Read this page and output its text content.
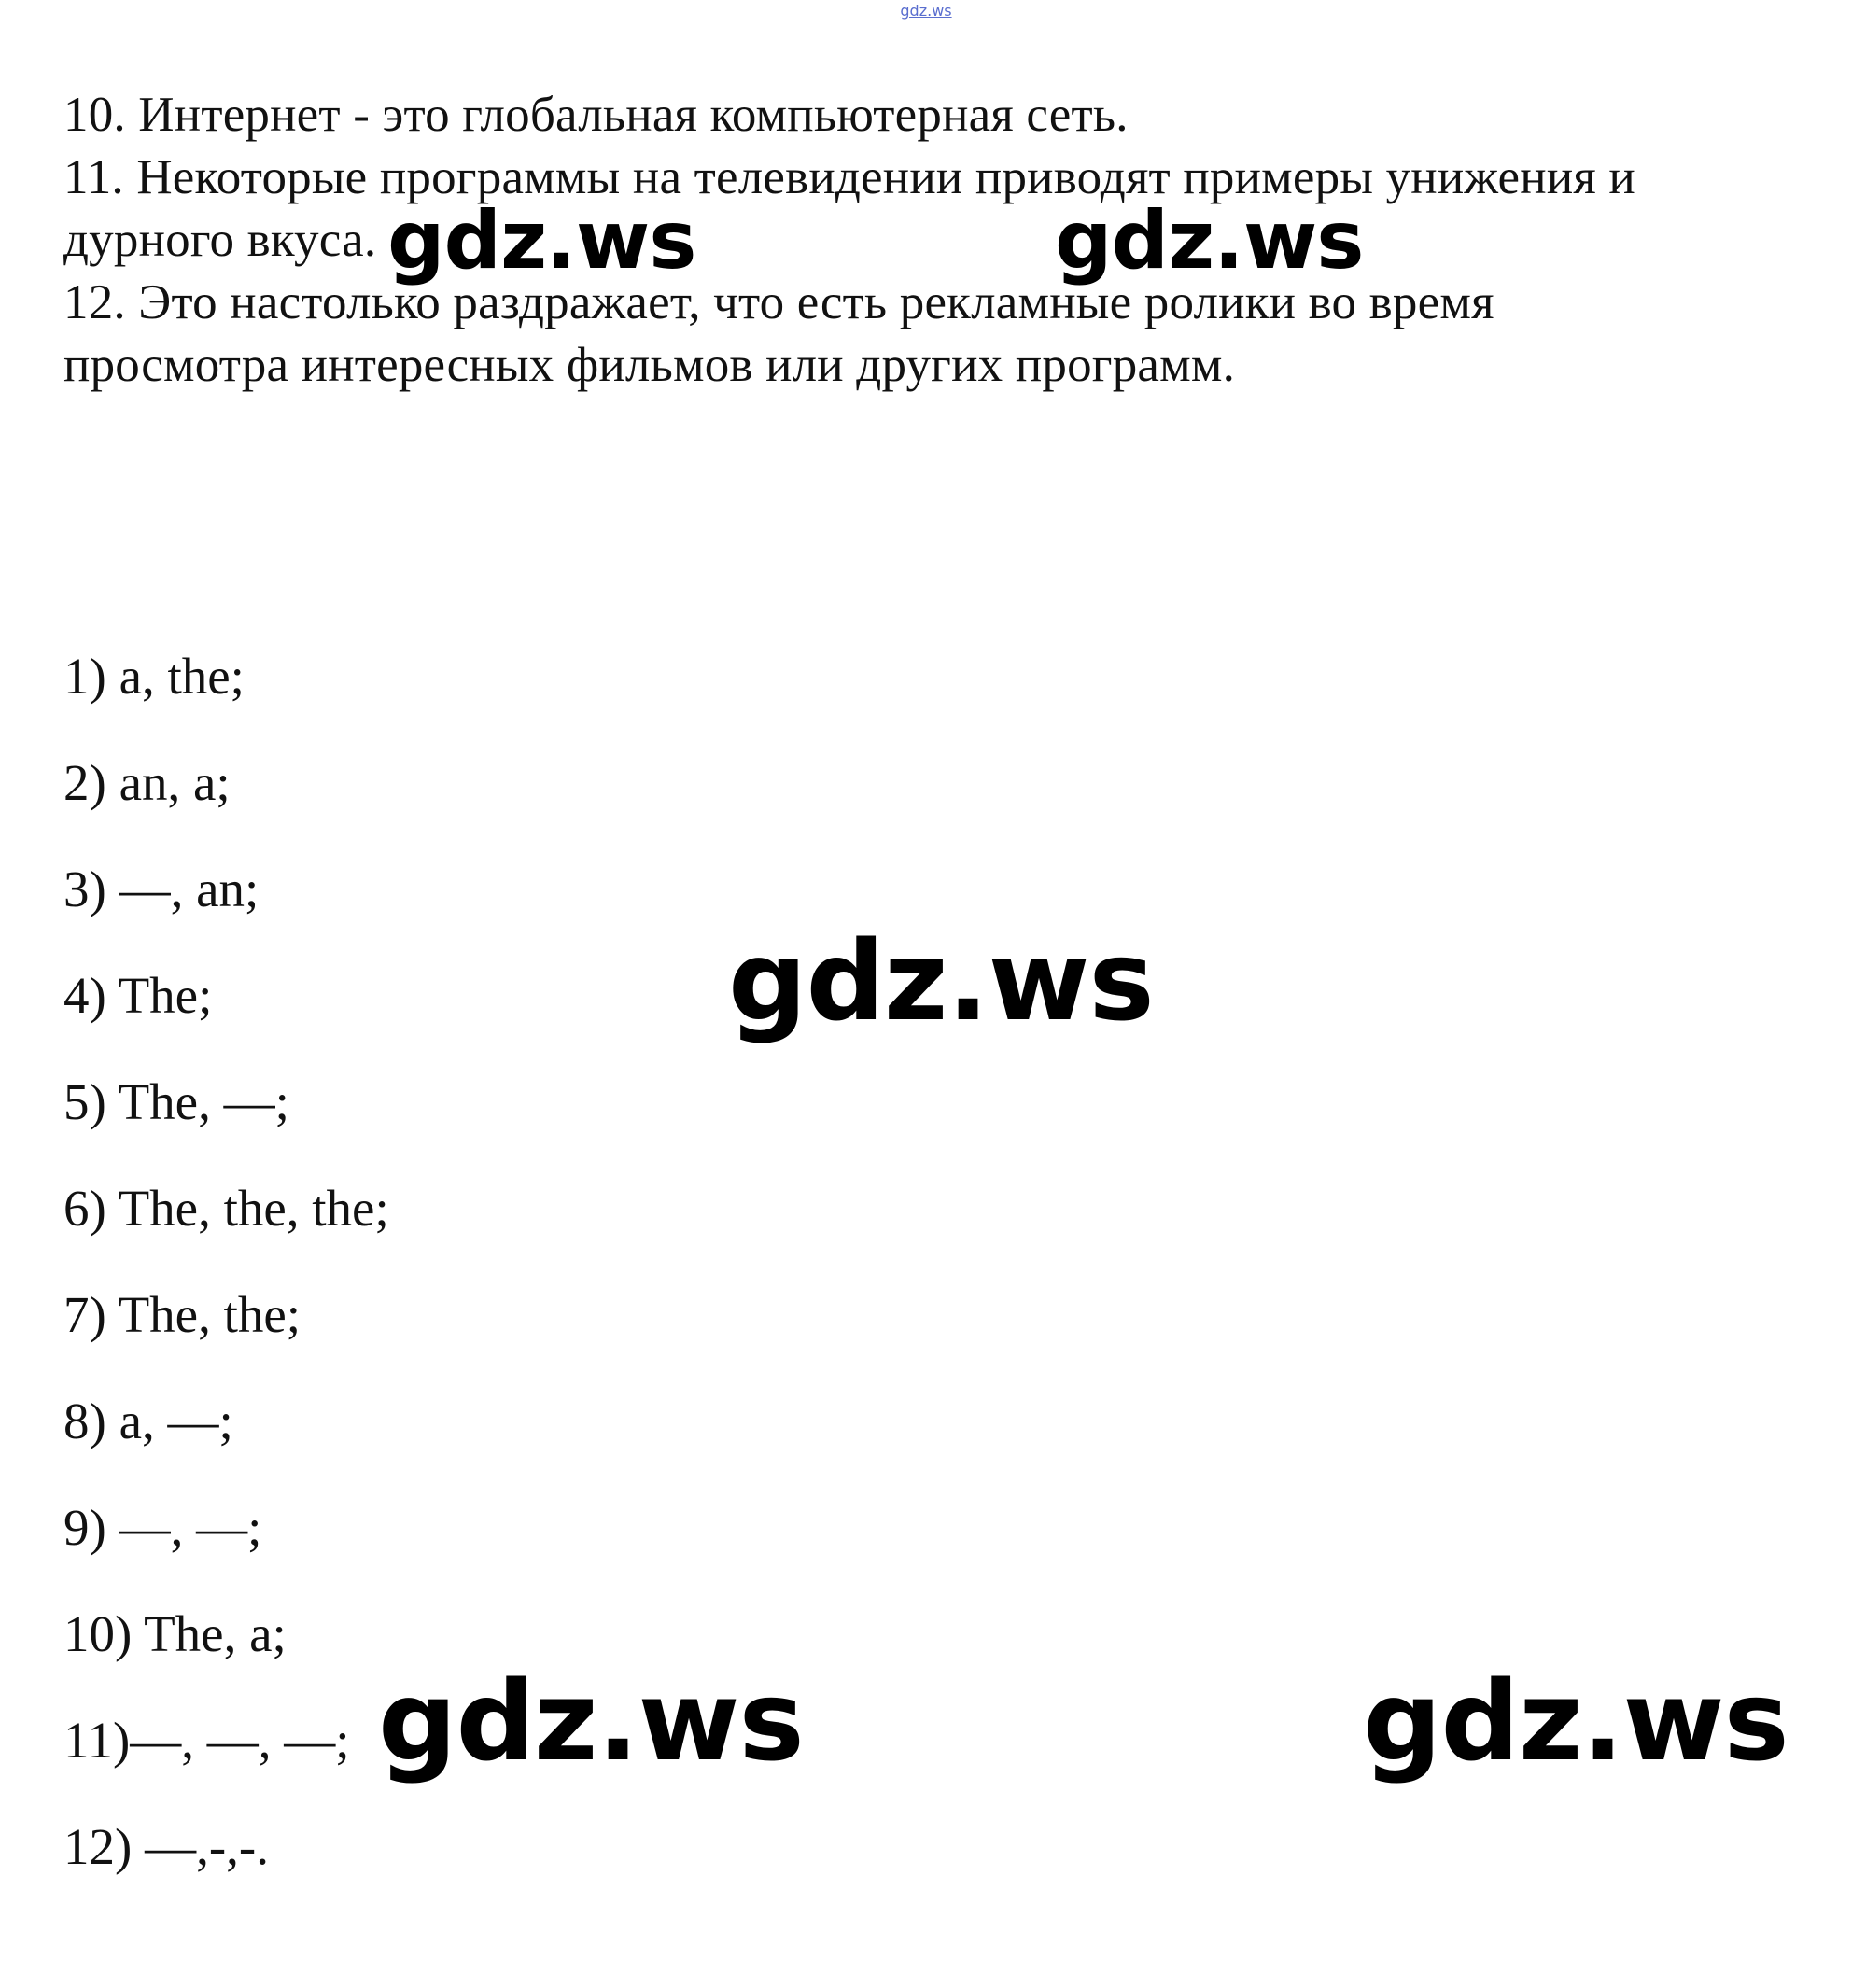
gdz.ws
10. Интернет - это глобальная компьютерная сеть.
11. Некоторые программы на телевидении приводят примеры унижения и
дурного вкуса.
12. Это настолько раздражает, что есть рекламные ролики во время
просмотра интересных фильмов или других программ.
1) a, the;
2) an, a;
3) —, an;
4) The;
5) The, —;
6) The, the, the;
7) The, the;
8) a, —;
9) —, —;
10) The, a;
11)—, —, —;
12) —,-,-.
gdz.ws	gdz.ws
gdz.ws
gdz.ws	gdz.ws
